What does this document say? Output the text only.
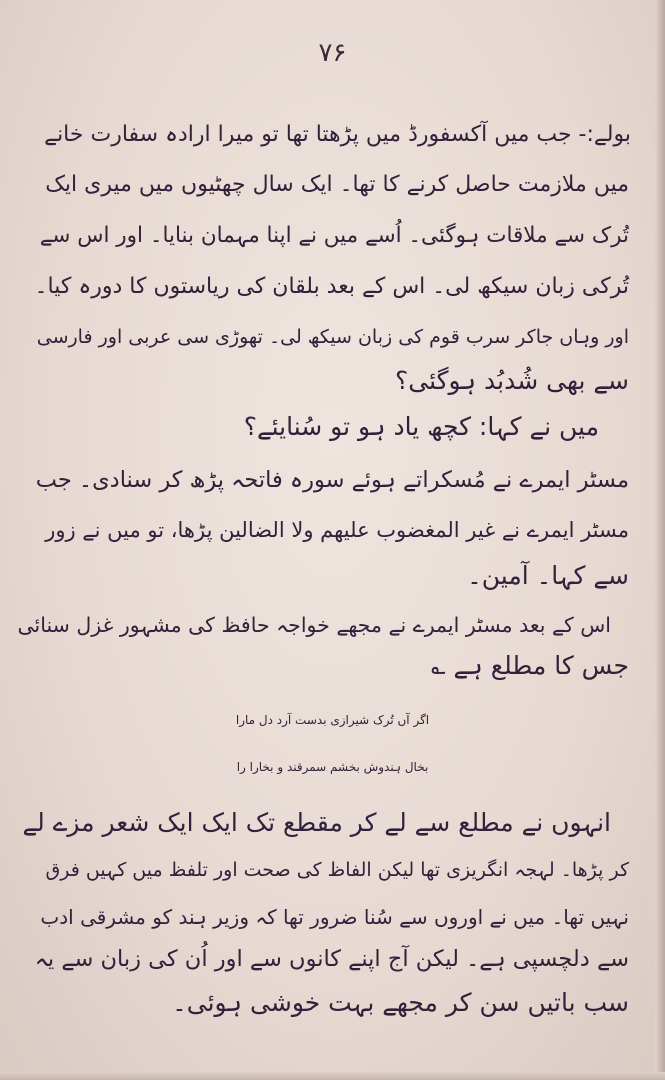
۷۶
بولے:- جب میں آکسفورڈ میں پڑھتا تھا تو میرا ارادہ سفارت خانے
میں ملازمت حاصل کرنے کا تھا۔ ایک سال چھٹیوں میں میری ایک
تُرک سے ملاقات ہوگئی۔ اُسے میں نے اپنا مہمان بنایا۔ اور اس سے
تُرکی زبان سیکھ لی۔ اس کے بعد بلقان کی ریاستوں کا دورہ کیا۔
اور وہاں جاکر سرب قوم کی زبان سیکھ لی۔ تھوڑی سی عربی اور فارسی
سے بھی شُدبُد ہوگئی؟
میں نے کہا: کچھ یاد ہو تو سُنایئے؟
مسٹر ایمرے نے مُسکراتے ہوئے سورہ فاتحہ پڑھ کر سنادی۔ جب
مسٹر ایمرے نے غیر المغضوب علیھم ولا الضالین پڑھا، تو میں نے زور
سے کہا۔ آمین۔
اس کے بعد مسٹر ایمرے نے مجھے خواجہ حافظ کی مشہور غزل سنائی
جس کا مطلع ہے ؎
اگر آں تُرک شیرازی بدست آرد دل مارا
بخال ہندوش بخشم سمرقند و بخارا را
انہوں نے مطلع سے لے کر مقطع تک ایک ایک شعر مزے لے
کر پڑھا۔ لہجہ انگریزی تھا لیکن الفاظ کی صحت اور تلفظ میں کہیں فرق
نہیں تھا۔ میں نے اوروں سے سُنا ضرور تھا کہ وزیر ہند کو مشرقی ادب
سے دلچسپی ہے۔ لیکن آج اپنے کانوں سے اور اُن کی زبان سے یہ
سب باتیں سن کر مجھے بہت خوشی ہوئی۔
